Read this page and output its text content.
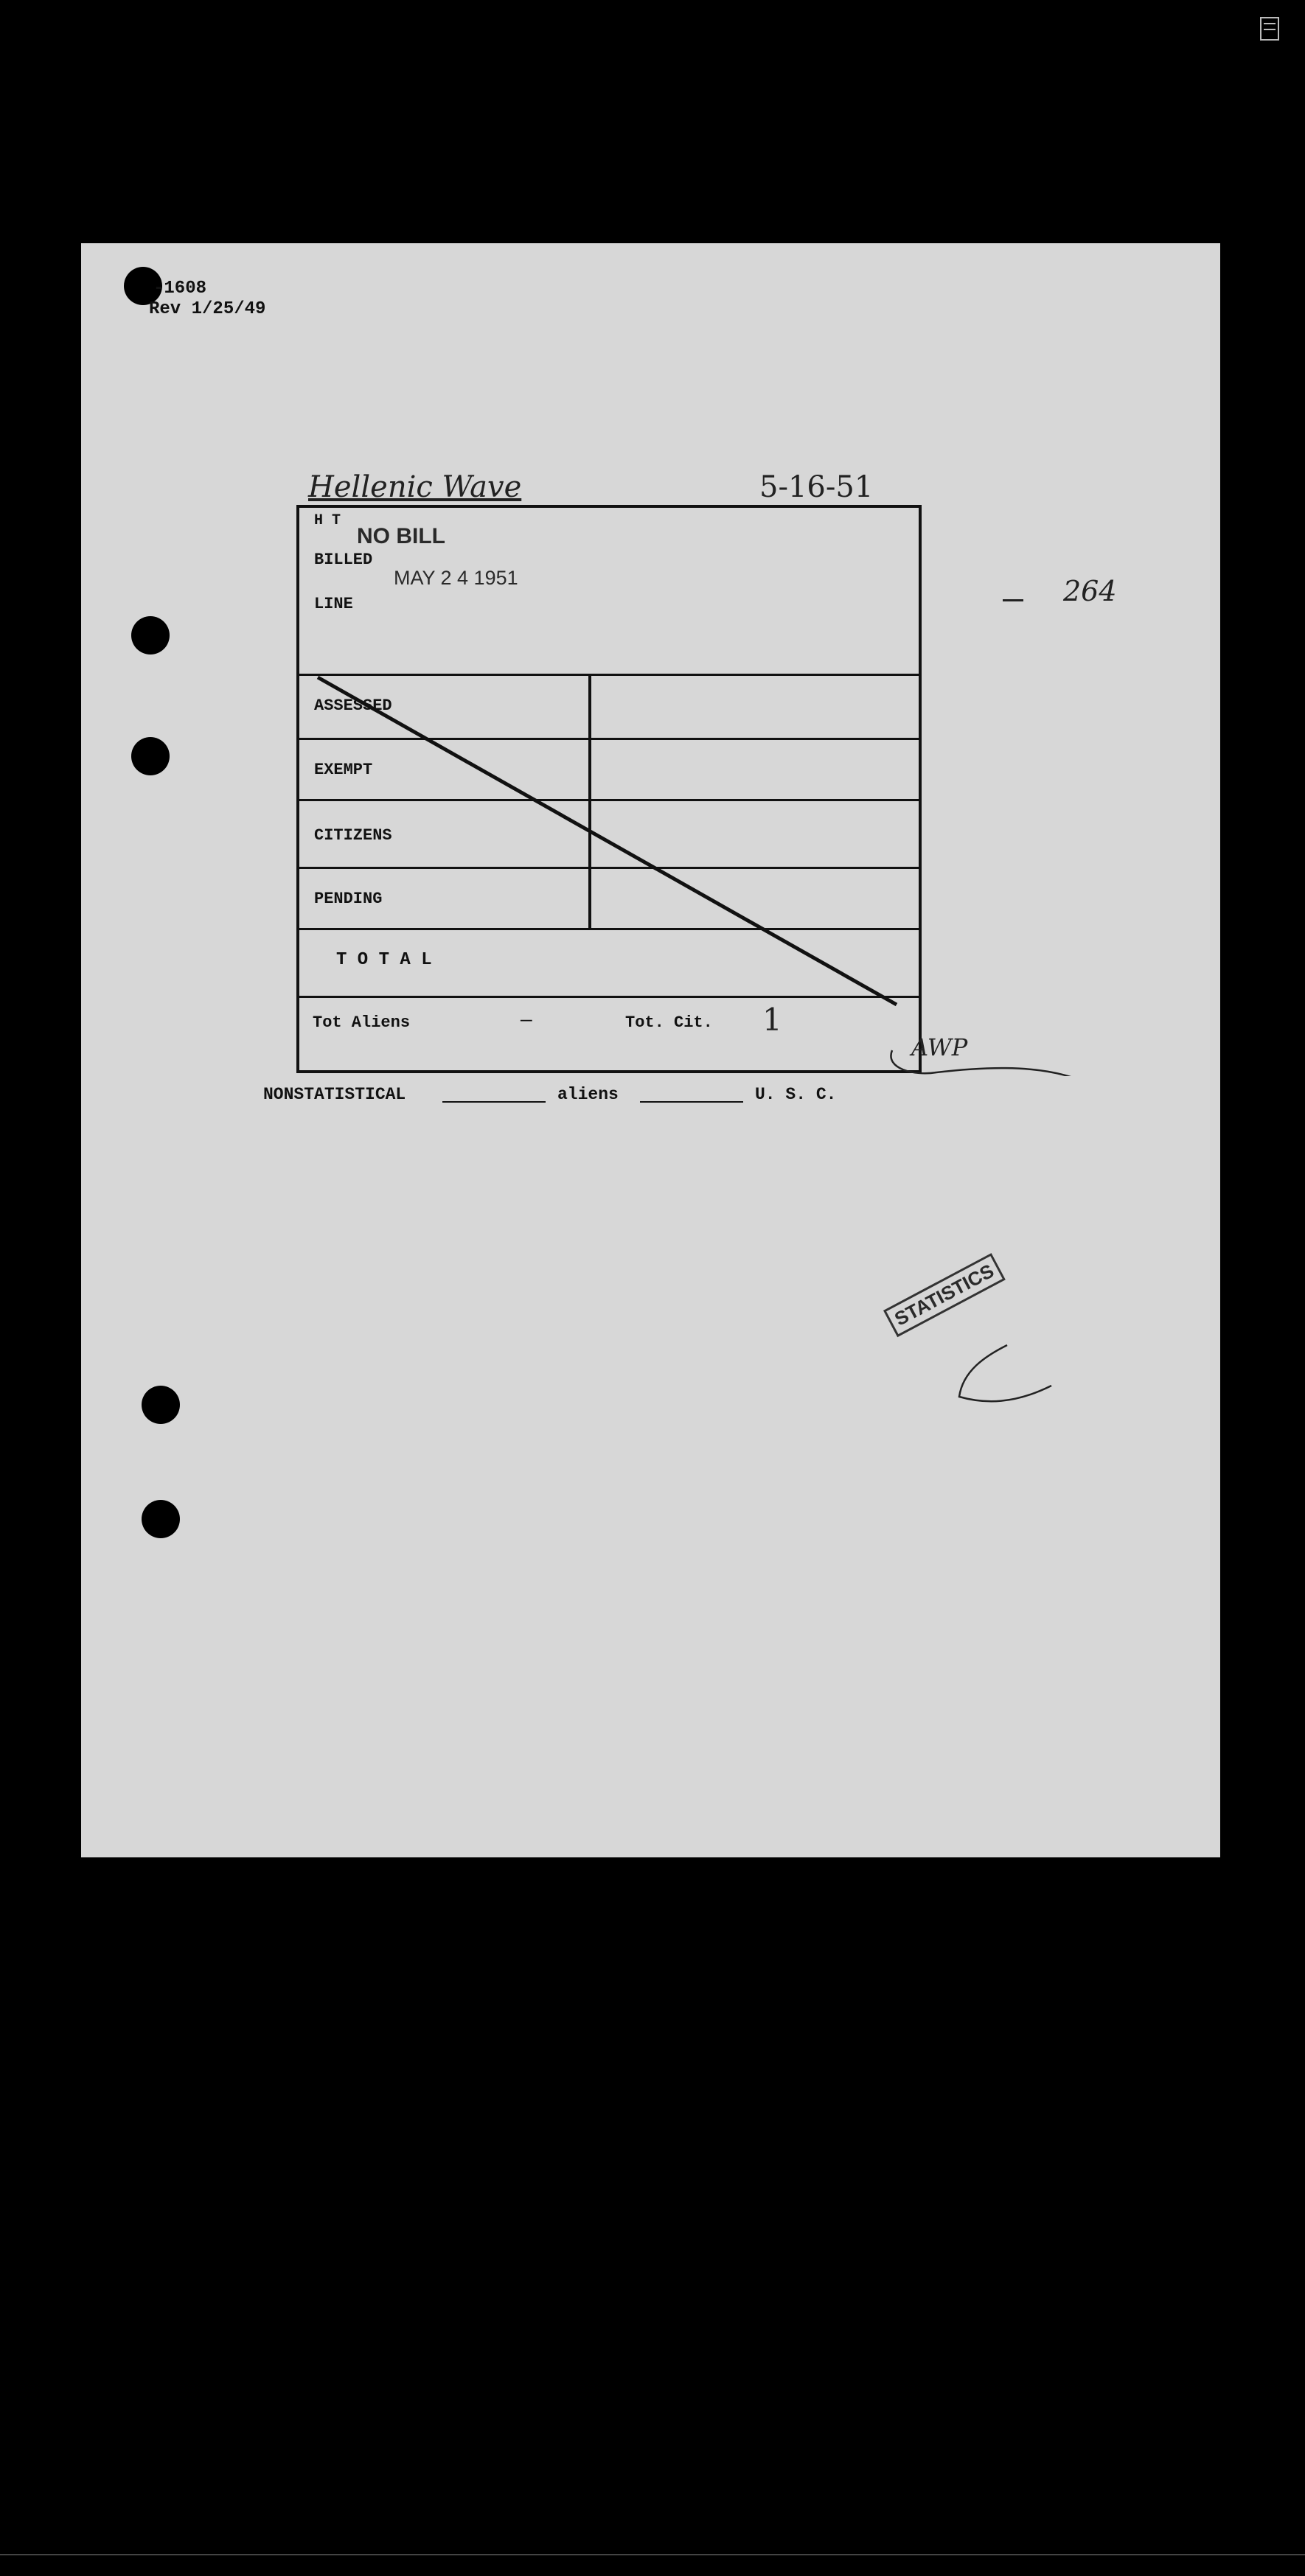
-1608
Rev 1/25/49
Hellenic Wave	5-16-51
264
H T
NO BILL
BILLED
MAY 2 4 1951
LINE
ASSESSED
EXEMPT
CITIZENS
PENDING
T O T A L
Tot Aliens	—	Tot. Cit. 1
AWP
NONSTATISTICAL	aliens	U. S. C.
STATISTICS
